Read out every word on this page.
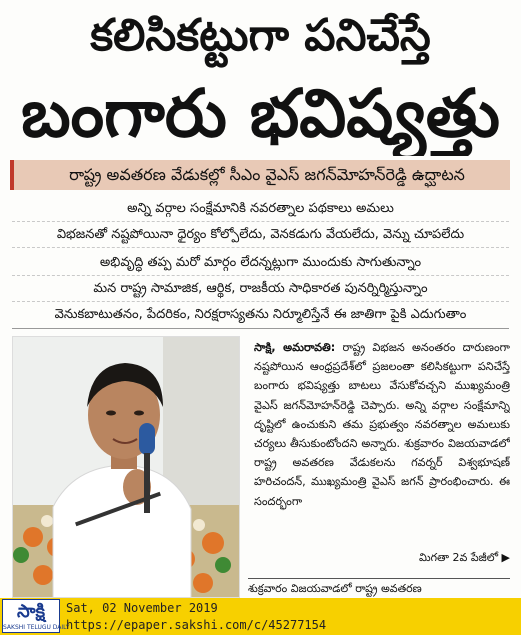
కలిసికట్టుగా పనిచేస్తే
బంగారు భవిష్యత్తు
రాష్ట్ర అవతరణ వేడుకల్లో సీఎం వైఎస్‌ జగన్‌మోహన్‌రెడ్డి ఉద్ఘాటన
అన్ని వర్గాల సంక్షేమానికి నవరత్నాల పథకాలు అమలు
విభజనతో నష్టపోయినా ధైర్యం కోల్పోలేదు, వెనకడుగు వేయలేదు, వెన్ను చూపలేదు
అభివృద్ధి తప్ప మరో మార్గం లేదన్నట్లుగా ముందుకు సాగుతున్నాం
మన రాష్ట్ర సామాజిక, ఆర్థిక, రాజకీయ సాధికారత పునర్నిర్మిస్తున్నాం
వెనుకబాటుతనం, పేదరికం, నిరక్షరాస్యతను నిర్మూలిస్తేనే ఈ జాతిగా పైకి ఎదుగుతాం
సాక్షి, అమరావతి: రాష్ట్ర విభజన అనంతరం దారుణంగా నష్టపోయిన ఆంధ్రప్రదేశ్‌లో ప్రజలంతా కలిసికట్టుగా పనిచేస్తే బంగారు భవిష్యత్తు బాటలు వేసుకోవచ్చని ముఖ్యమంత్రి వైఎస్‌ జగన్‌మోహన్‌రెడ్డి చెప్పారు. అన్ని వర్గాల సంక్షేమాన్ని దృష్టిలో ఉంచుకుని తమ ప్రభుత్వం నవరత్నాల అమలుకు చర్యలు తీసుకుంటోందని అన్నారు. శుక్రవారం విజయవాడలో రాష్ట్ర అవతరణ వేడుకలను గవర్నర్‌ విశ్వభూషణ్‌ హరిచందన్‌, ముఖ్యమంత్రి వైఎస్‌ జగన్‌ ప్రారంభించారు. ఈ సందర్భంగా
మిగతా 2వ పేజీలో ▶
శుక్రవారం విజయవాడలో రాష్ట్ర అవతరణ
సాక్షి
SAKSHI TELUGU DAILY
Sat, 02 November 2019
https://epaper.sakshi.com/c/45277154
